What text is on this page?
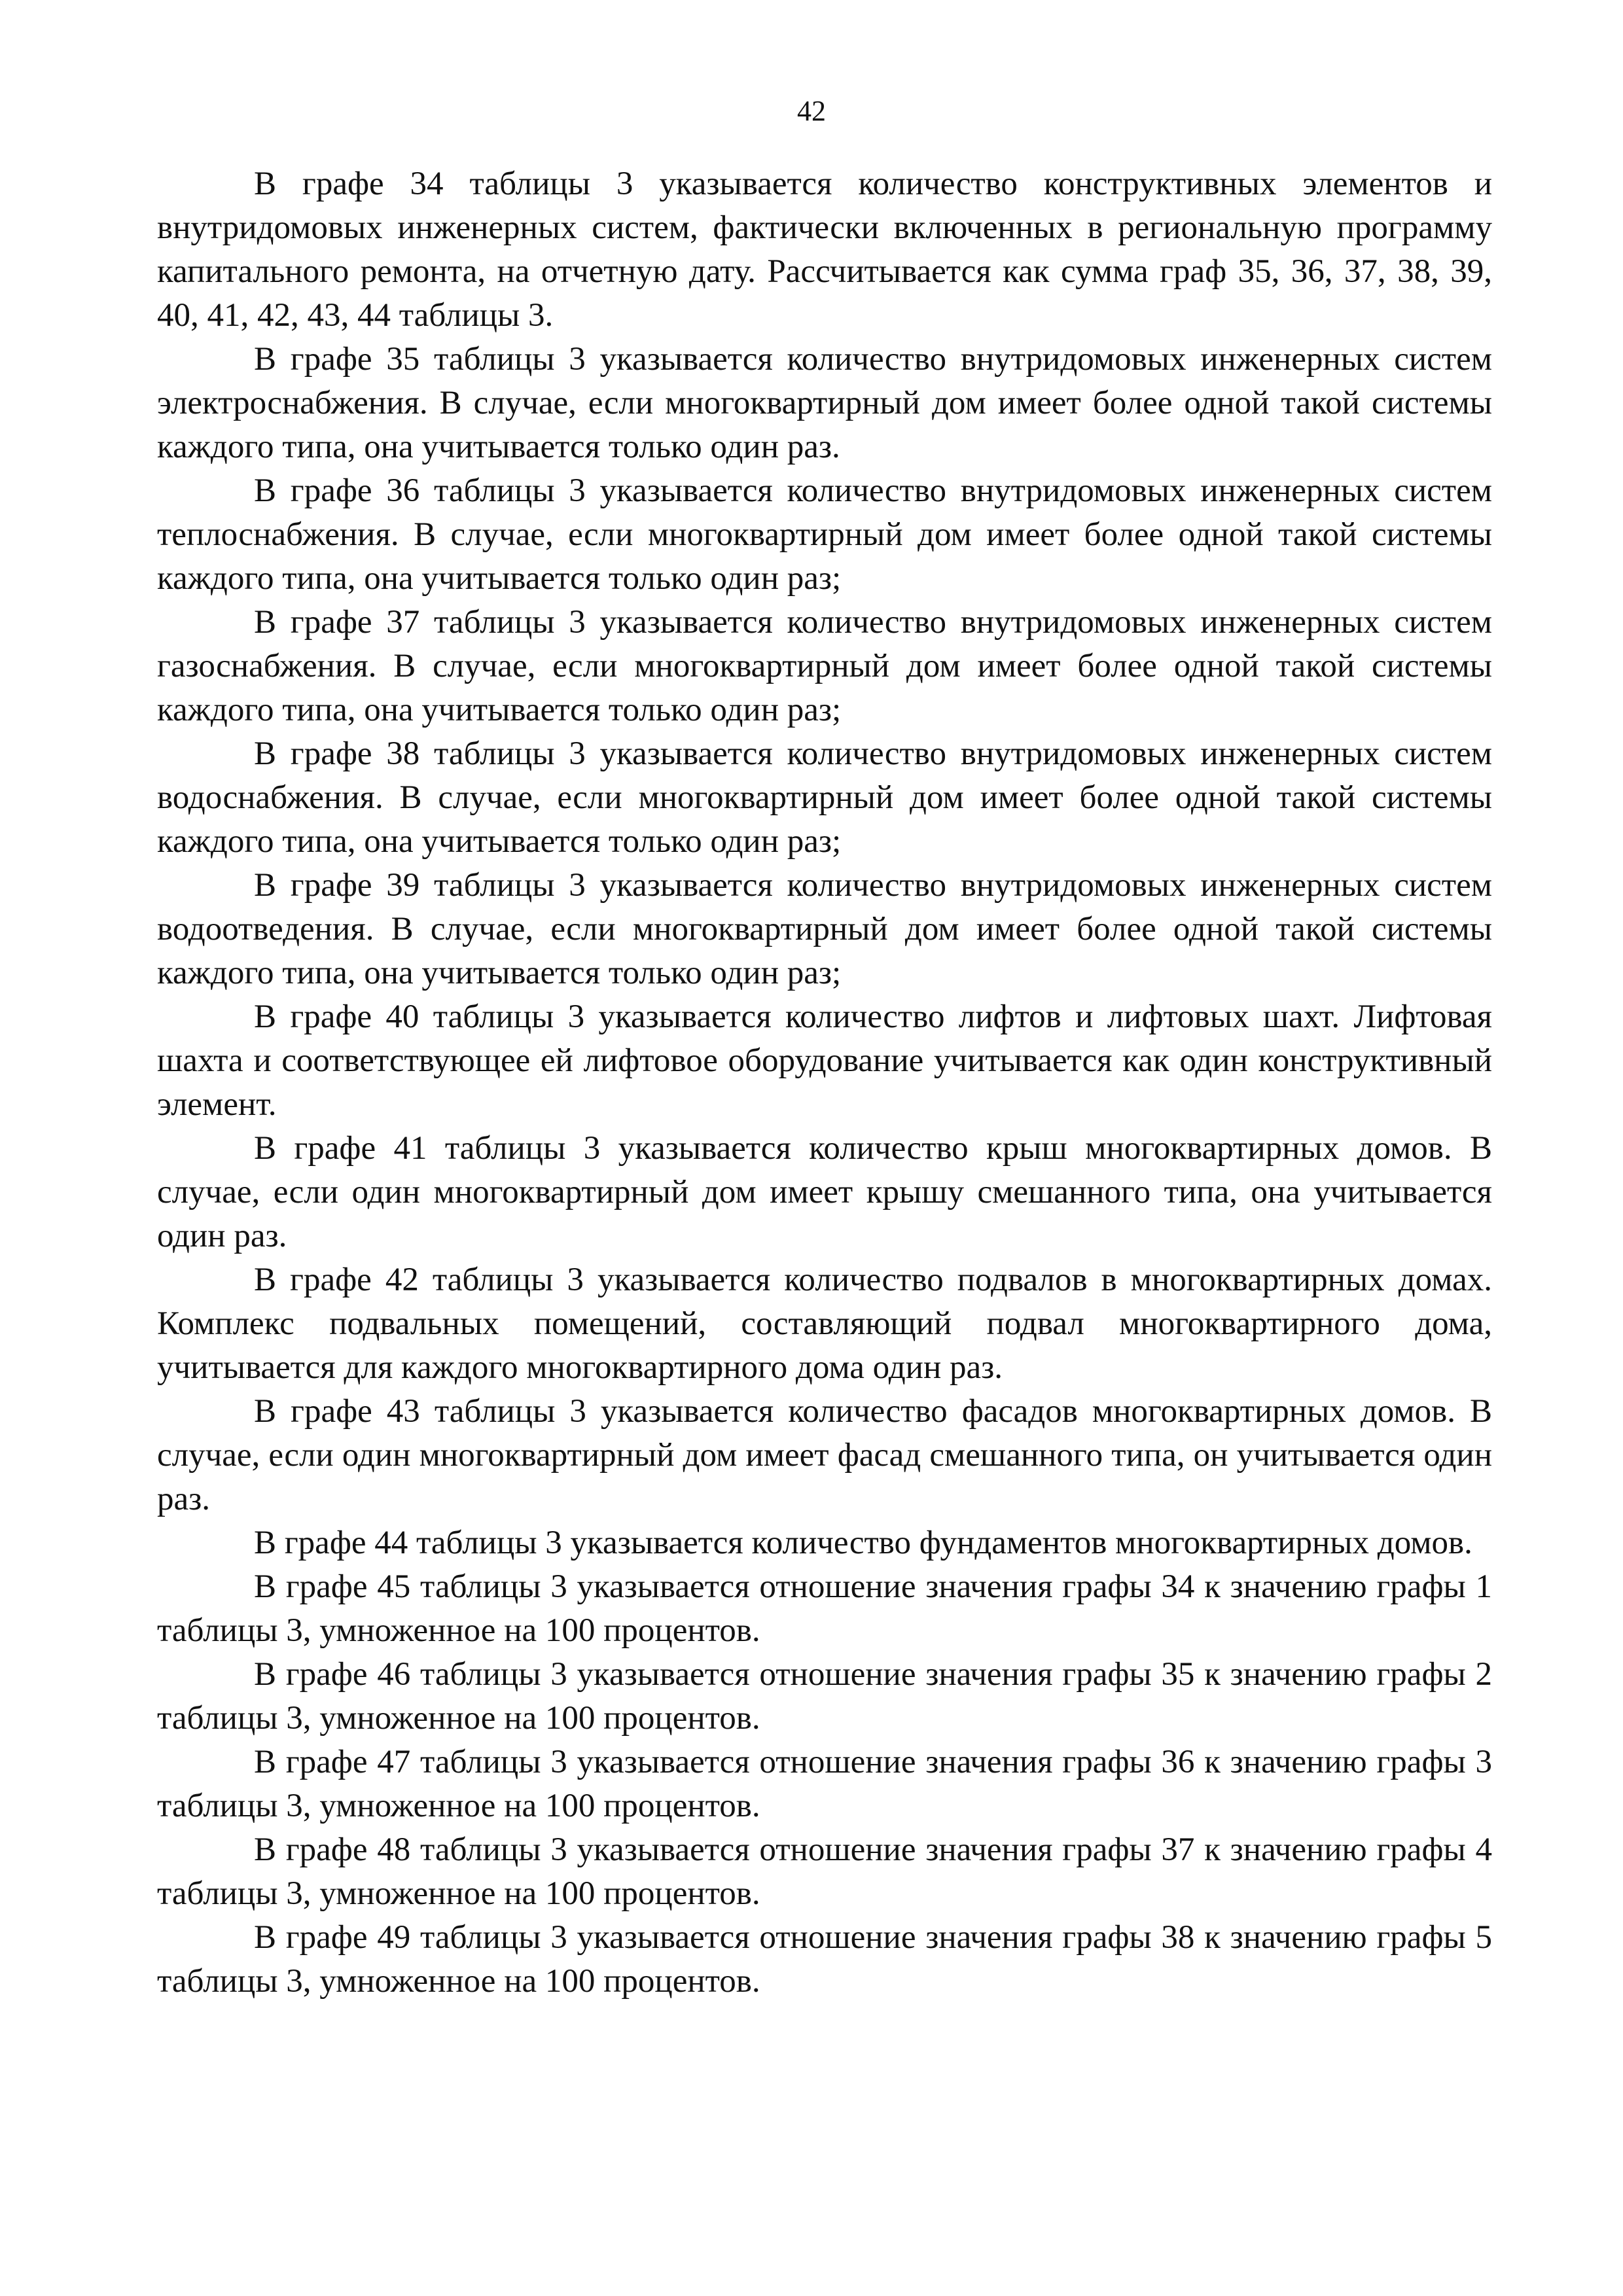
42

В графе 34 таблицы 3 указывается количество конструктивных элементов и внутридомовых инженерных систем, фактически включенных в региональную программу капитального ремонта, на отчетную дату. Рассчитывается как сумма граф 35, 36, 37, 38, 39, 40, 41, 42, 43, 44 таблицы 3.

В графе 35 таблицы 3 указывается количество внутридомовых инженерных систем электроснабжения. В случае, если многоквартирный дом имеет более одной такой системы каждого типа, она учитывается только один раз.

В графе 36 таблицы 3 указывается количество внутридомовых инженерных систем теплоснабжения. В случае, если многоквартирный дом имеет более одной такой системы каждого типа, она учитывается только один раз;

В графе 37 таблицы 3 указывается количество внутридомовых инженерных систем газоснабжения. В случае, если многоквартирный дом имеет более одной такой системы каждого типа, она учитывается только один раз;

В графе 38 таблицы 3 указывается количество внутридомовых инженерных систем водоснабжения. В случае, если многоквартирный дом имеет более одной такой системы каждого типа, она учитывается только один раз;

В графе 39 таблицы 3 указывается количество внутридомовых инженерных систем водоотведения. В случае, если многоквартирный дом имеет более одной такой системы каждого типа, она учитывается только один раз;

В графе 40 таблицы 3 указывается количество лифтов и лифтовых шахт. Лифтовая шахта и соответствующее ей лифтовое оборудование учитывается как один конструктивный элемент.

В графе 41 таблицы 3 указывается количество крыш многоквартирных домов. В случае, если один многоквартирный дом имеет крышу смешанного типа, она учитывается один раз.

В графе 42 таблицы 3 указывается количество подвалов в многоквартирных домах. Комплекс подвальных помещений, составляющий подвал многоквартирного дома, учитывается для каждого многоквартирного дома один раз.

В графе 43 таблицы 3 указывается количество фасадов многоквартирных домов. В случае, если один многоквартирный дом имеет фасад смешанного типа, он учитывается один раз.

В графе 44 таблицы 3 указывается количество фундаментов многоквартирных домов.

В графе 45 таблицы 3 указывается отношение значения графы 34 к значению графы 1 таблицы 3, умноженное на 100 процентов.

В графе 46 таблицы 3 указывается отношение значения графы 35 к значению графы 2 таблицы 3, умноженное на 100 процентов.

В графе 47 таблицы 3 указывается отношение значения графы 36 к значению графы 3 таблицы 3, умноженное на 100 процентов.

В графе 48 таблицы 3 указывается отношение значения графы 37 к значению графы 4 таблицы 3, умноженное на 100 процентов.

В графе 49 таблицы 3 указывается отношение значения графы 38 к значению графы 5 таблицы 3, умноженное на 100 процентов.
